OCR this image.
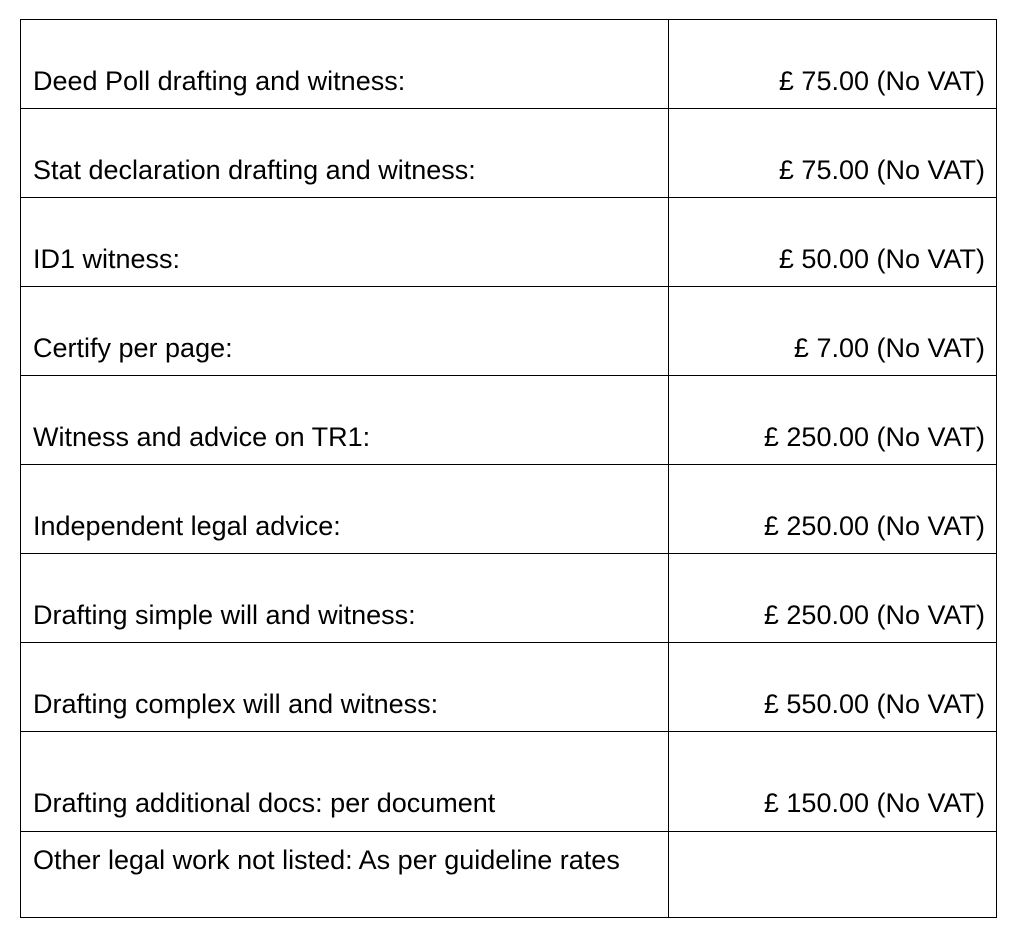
Deed Poll drafting and witness:	£ 75.00 (No VAT)
Stat declaration drafting and witness:	£ 75.00 (No VAT)
ID1 witness:	£ 50.00 (No VAT)
Certify per page:	£ 7.00 (No VAT)
Witness and advice on TR1:	£ 250.00 (No VAT)
Independent legal advice:	£ 250.00 (No VAT)
Drafting simple will and witness:	£ 250.00 (No VAT)
Drafting complex will and witness:	£ 550.00 (No VAT)
Drafting additional docs: per document	£ 150.00 (No VAT)
Other legal work not listed: As per guideline rates	
